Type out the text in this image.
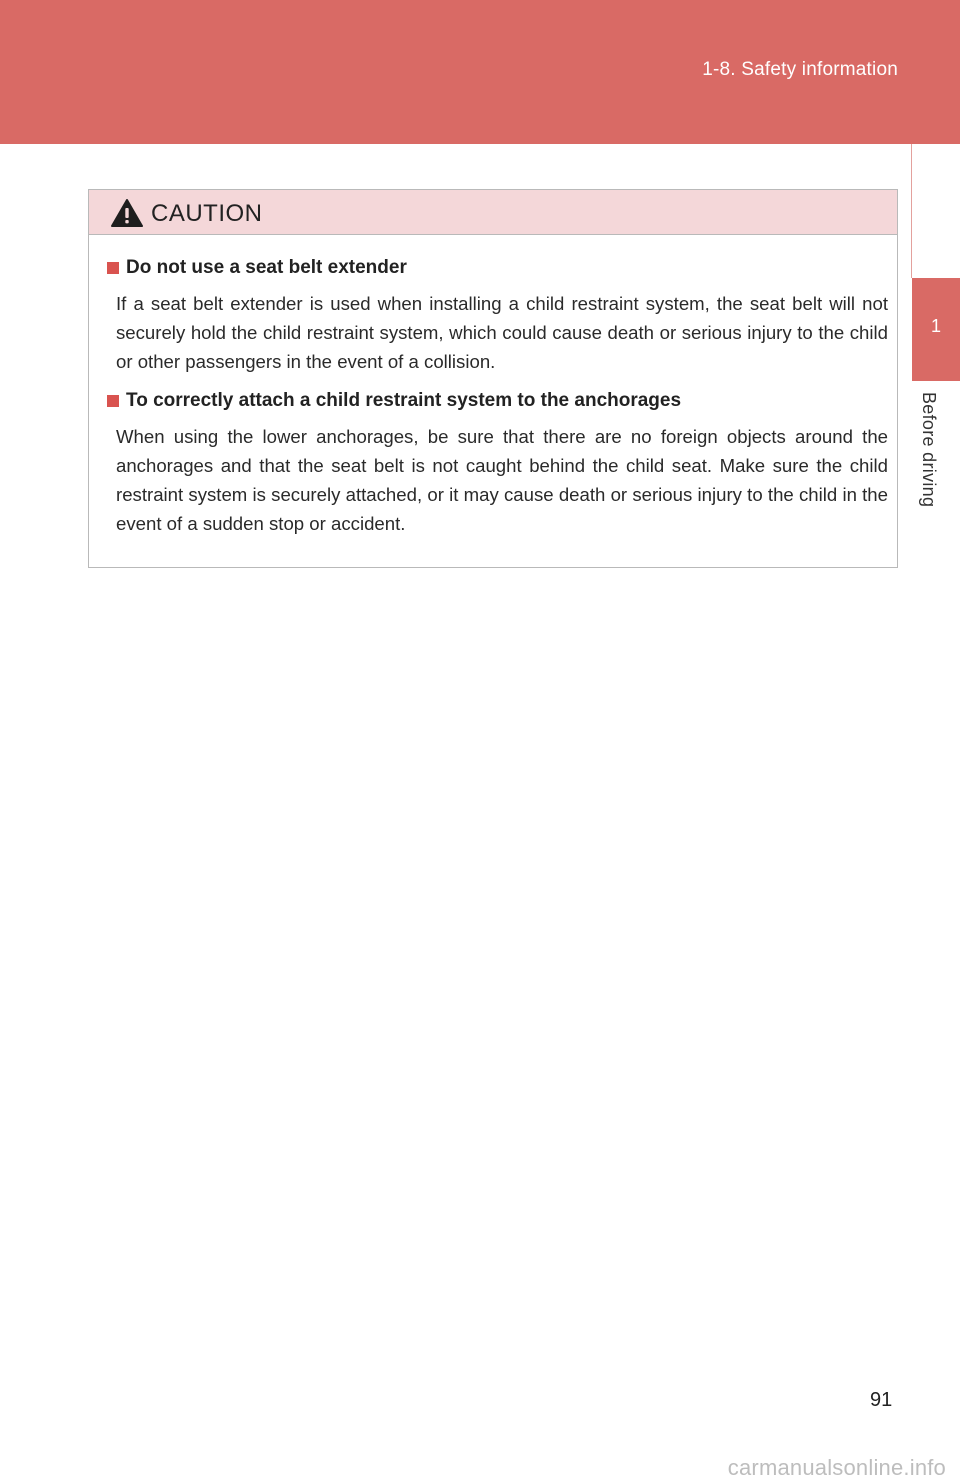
1-8. Safety information
1
Before driving
CAUTION
Do not use a seat belt extender
If a seat belt extender is used when installing a child restraint system, the seat belt will not securely hold the child restraint system, which could cause death or serious injury to the child or other passengers in the event of a collision.
To correctly attach a child restraint system to the anchorages
When using the lower anchorages, be sure that there are no foreign objects around the anchorages and that the seat belt is not caught behind the child seat. Make sure the child restraint system is securely attached, or it may cause death or serious injury to the child in the event of a sudden stop or accident.
91
carmanualsonline.info
